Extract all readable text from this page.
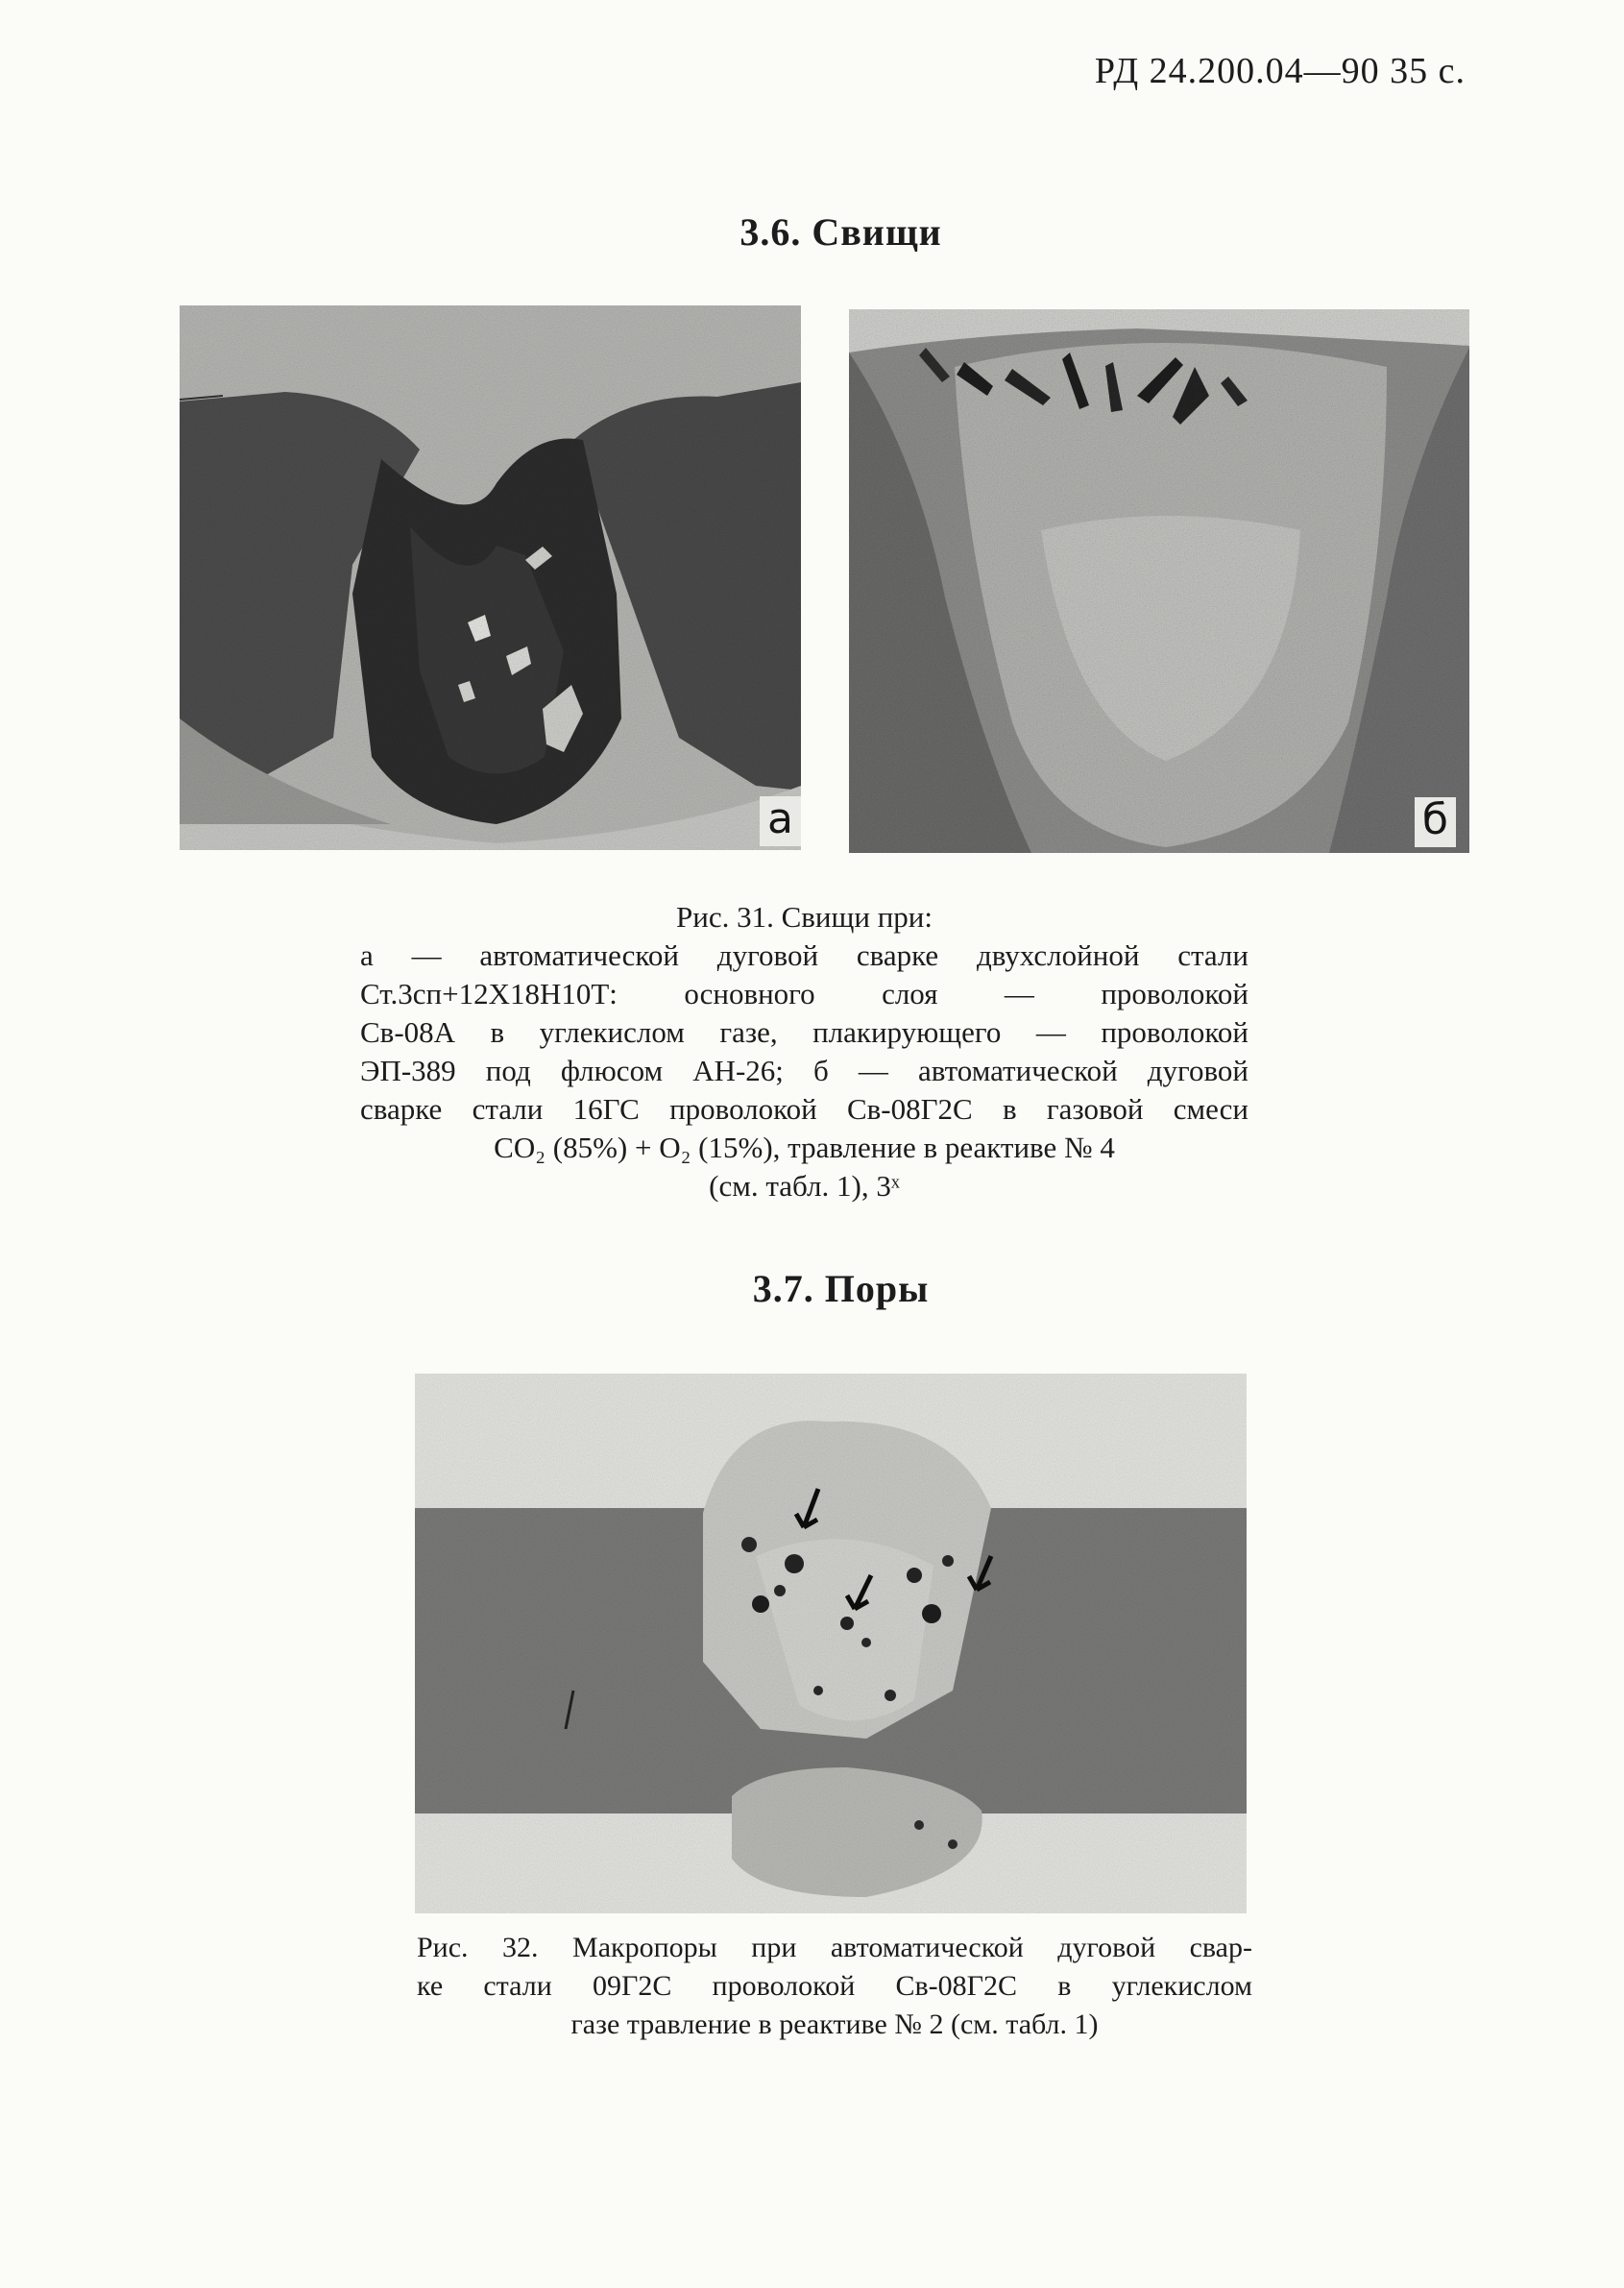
РД 24.200.04—90 35 с.
3.6. Свищи
а	б
Рис. 31. Свищи при:
а — автоматической дуговой сварке двухслойной стали
Ст.3сп+12Х18Н10Т: основного слоя — проволокой
Св-08А в углекислом газе, плакирующего — проволокой
ЭП-389 под флюсом АН-26; б — автоматической дуговой
сварке стали 16ГС проволокой Св-08Г2С в газовой смеси
CO₂ (85%) + O₂ (15%), травление в реактиве № 4
(см. табл. 1), 3ˣ
3.7. Поры
Рис. 32. Макропоры при автоматической дуговой свар-
ке стали 09Г2С проволокой Св-08Г2С в углекислом
газе травление в реактиве № 2 (см. табл. 1)
